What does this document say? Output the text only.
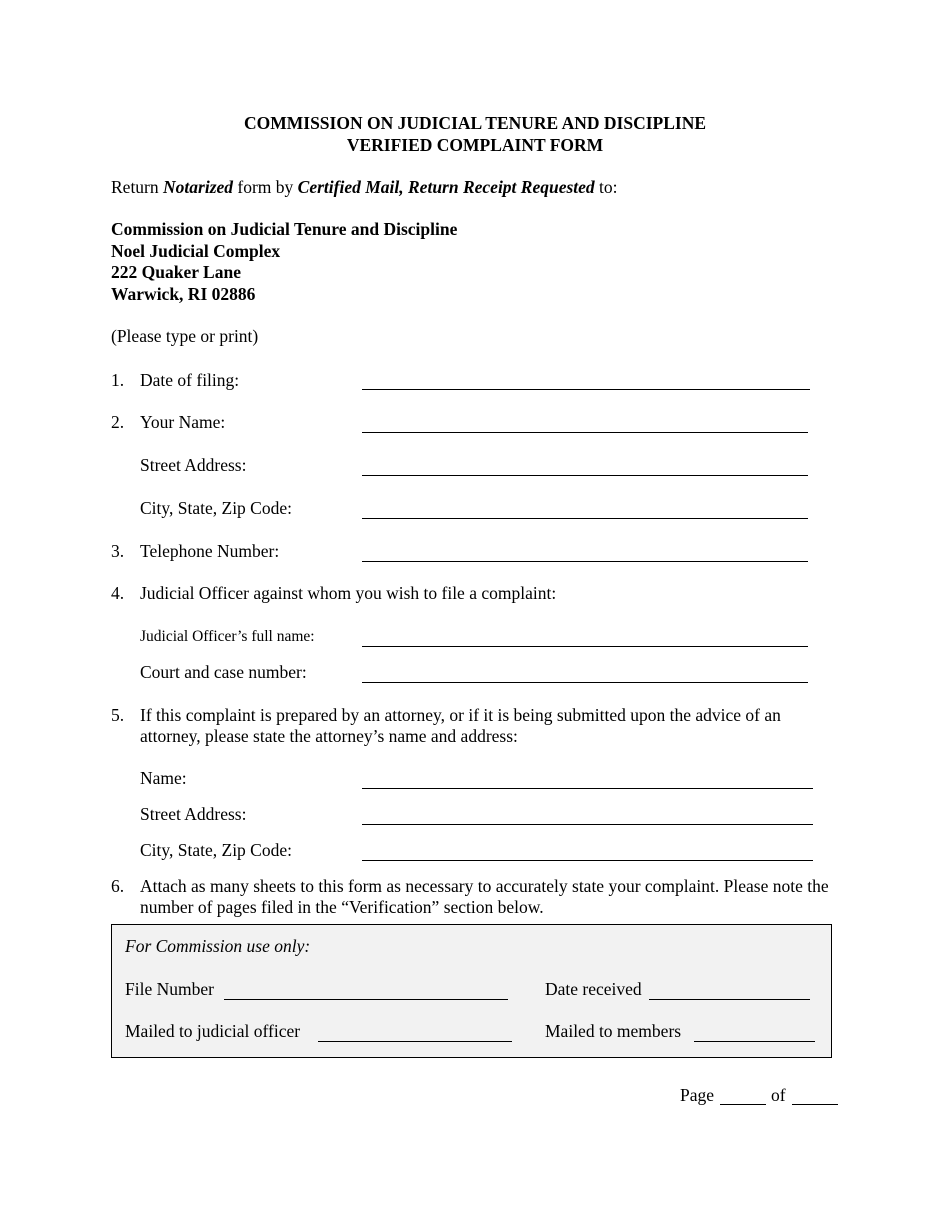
COMMISSION ON JUDICIAL TENURE AND DISCIPLINE
VERIFIED COMPLAINT FORM
Return Notarized form by Certified Mail, Return Receipt Requested to:
Commission on Judicial Tenure and Discipline
Noel Judicial Complex
222 Quaker Lane
Warwick, RI 02886
(Please type or print)
1. Date of filing:
2. Your Name:
Street Address:
City, State, Zip Code:
3. Telephone Number:
4. Judicial Officer against whom you wish to file a complaint:
Judicial Officer’s full name:
Court and case number:
5. If this complaint is prepared by an attorney, or if it is being submitted upon the advice of an attorney, please state the attorney’s name and address:
Name:
Street Address:
City, State, Zip Code:
6. Attach as many sheets to this form as necessary to accurately state your complaint. Please note the number of pages filed in the “Verification” section below.
For Commission use only:
File Number	Date received
Mailed to judicial officer	Mailed to members
Page	of
